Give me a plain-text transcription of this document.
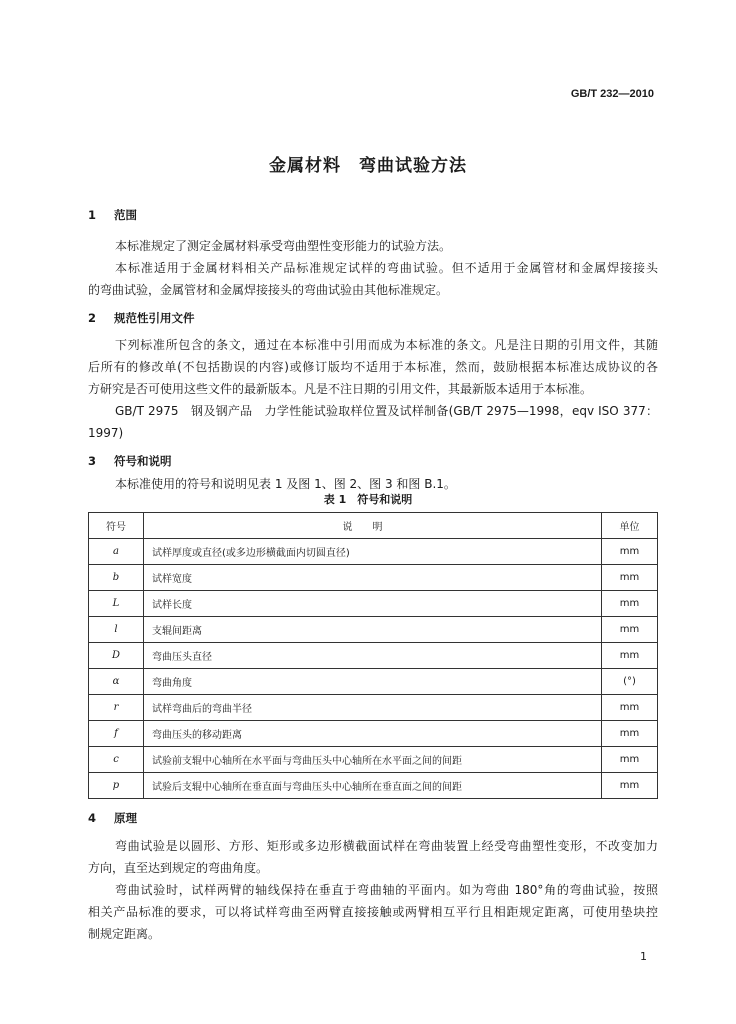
GB/T 232—2010
金属材料　弯曲试验方法
1 范围
本标准规定了测定金属材料承受弯曲塑性变形能力的试验方法。
本标准适用于金属材料相关产品标准规定试样的弯曲试验。但不适用于金属管材和金属焊接接头
的弯曲试验，金属管材和金属焊接接头的弯曲试验由其他标准规定。
2 规范性引用文件
下列标准所包含的条文，通过在本标准中引用而成为本标准的条文。凡是注日期的引用文件，其随
后所有的修改单(不包括勘误的内容)或修订版均不适用于本标准，然而，鼓励根据本标准达成协议的各
方研究是否可使用这些文件的最新版本。凡是不注日期的引用文件，其最新版本适用于本标准。
GB/T 2975　钢及钢产品　力学性能试验取样位置及试样制备(GB/T 2975—1998，eqv ISO 377：
1997)
3 符号和说明
本标准使用的符号和说明见表 1 及图 1、图 2、图 3 和图 B.1。
4 原理
弯曲试验是以圆形、方形、矩形或多边形横截面试样在弯曲装置上经受弯曲塑性变形，不改变加力
方向，直至达到规定的弯曲角度。
弯曲试验时，试样两臂的轴线保持在垂直于弯曲轴的平面内。如为弯曲 180°角的弯曲试验，按照
相关产品标准的要求，可以将试样弯曲至两臂直接接触或两臂相互平行且相距规定距离，可使用垫块控
制规定距离。
表 1　符号和说明
符号	说明	单位
a	试样厚度或直径(或多边形横截面内切圆直径)	mm
b	试样宽度	mm
L	试样长度	mm
l	支辊间距离	mm
D	弯曲压头直径	mm
α	弯曲角度	(°)
r	试样弯曲后的弯曲半径	mm
f	弯曲压头的移动距离	mm
c	试验前支辊中心轴所在水平面与弯曲压头中心轴所在水平面之间的间距	mm
p	试验后支辊中心轴所在垂直面与弯曲压头中心轴所在垂直面之间的间距	mm
1
